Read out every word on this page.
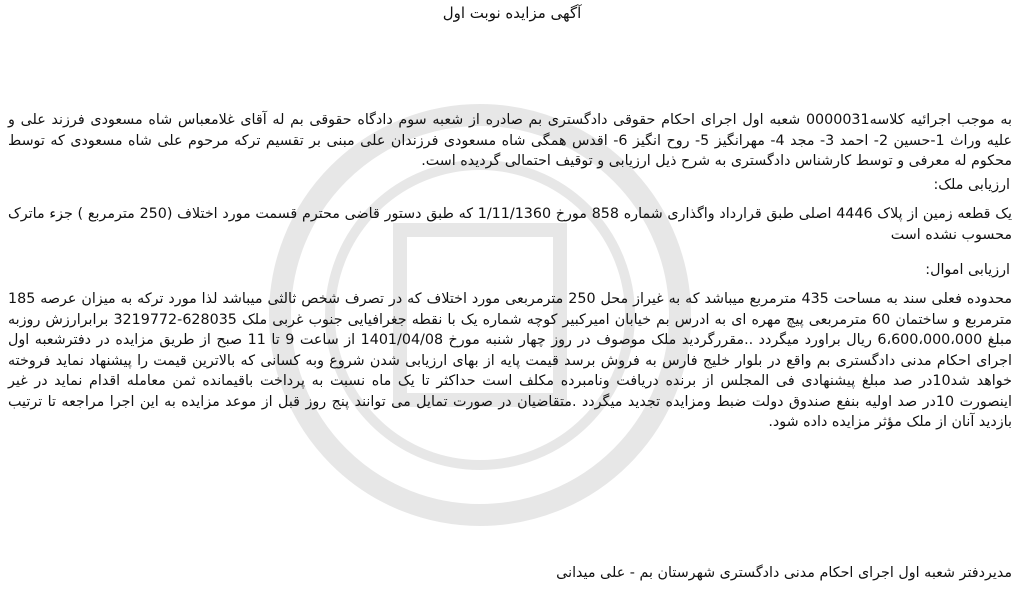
آگهی مزایده نوبت اول
به موجب اجرائیه کلاسه0000031 شعبه اول اجرای احکام حقوقی دادگستری بم صادره از شعبه سوم دادگاه حقوقی بم له آقای غلامعباس شاه مسعودی فرزند علی و علیه وراث 1-حسین 2- احمد 3- مجد 4- مهرانگیز 5- روح انگیز 6- اقدس همگی شاه مسعودی فرزندان علی مبنی بر تقسیم ترکه مرحوم علی شاه مسعودی که توسط محکوم له معرفی و توسط کارشناس دادگستری به شرح ذیل ارزیابی و توقیف احتمالی گردیده است.
ارزیابی ملک:
یک قطعه زمین از پلاک 4446 اصلی طبق قرارداد واگذاری شماره 858 مورخ 1/11/1360 که طبق دستور قاضی محترم قسمت مورد اختلاف (250 مترمربع ) جزء ماترک محسوب نشده است
ارزیابی اموال:
محدوده فعلی سند به مساحت 435 مترمربع میباشد که به غیراز محل 250 مترمربعی مورد اختلاف که در تصرف شخص ثالثی میباشد لذا مورد ترکه به میزان عرصه 185 مترمربع و ساختمان 60 مترمربعی پیچ مهره ای به ادرس بم خیابان امیرکبیر کوچه شماره یک با نقطه جغرافیایی جنوب غربی ملک 628035-3219772 برابرارزش روزبه مبلغ 6،600،000،000 ریال براورد میگردد ..مقررگردید ملک موصوف در روز چهار شنبه مورخ 1401/04/08 از ساعت 9 تا 11 صبح از طریق مزایده در دفترشعبه اول اجرای احکام مدنی دادگستری بم واقع در بلوار خلیج فارس به فروش برسد قیمت پایه از بهای ارزیابی شدن شروع وبه کسانی که بالاترین قیمت را پیشنهاد نماید فروخته خواهد شد10در صد مبلغ پیشنهادی فی المجلس از برنده دریافت ونامبرده مکلف است حداکثر تا یک ماه نسبت به پرداخت باقیمانده ثمن معامله اقدام نماید در غیر اینصورت 10در صد اولیه بنفع صندوق دولت ضبط ومزایده تجدید میگردد .متقاضیان در صورت تمایل می توانند پنج روز قبل از موعد مزایده به این اجرا مراجعه تا ترتیب بازدید آنان از ملک مؤثر مزایده داده شود.
مدیردفتر شعبه اول اجرای احکام مدنی دادگستری شهرستان بم - علی میدانی
